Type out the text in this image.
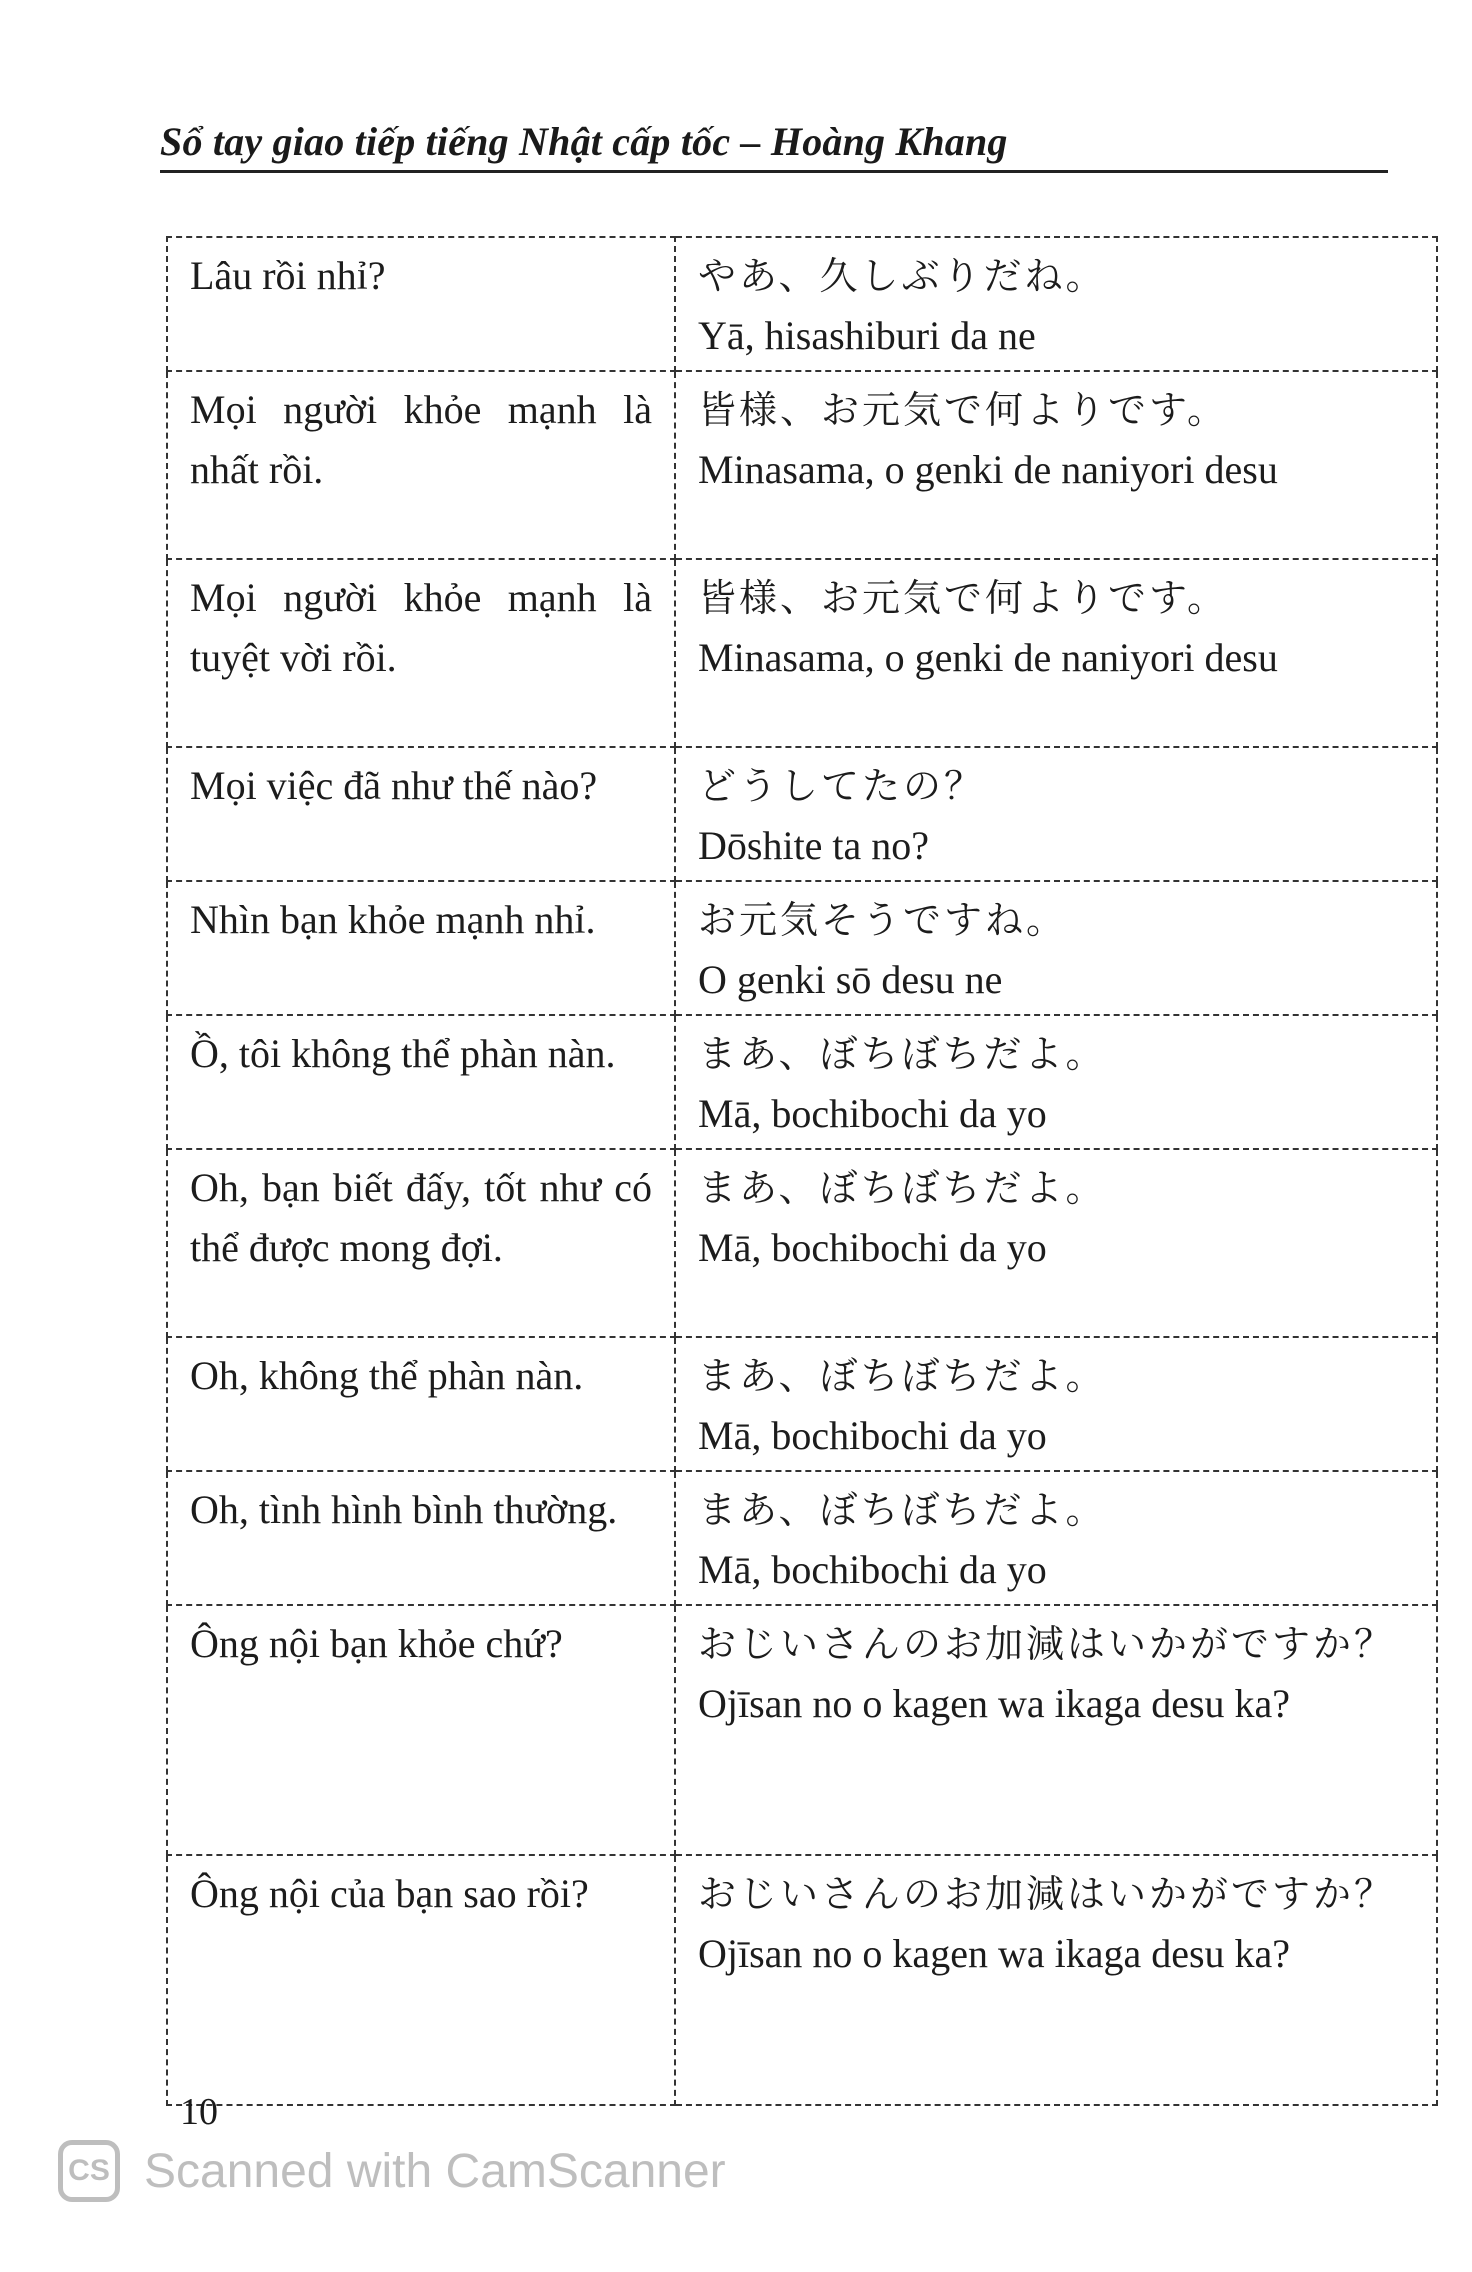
Sổ tay giao tiếp tiếng Nhật cấp tốc – Hoàng Khang
Lâu rồi nhỉ?	やあ、久しぶりだね。
Yā, hisashiburi da ne

Mọi người khỏe mạnh là nhất rồi.	皆様、お元気で何よりです。
Minasama, o genki de naniyori desu

Mọi người khỏe mạnh là tuyệt vời rồi.	皆様、お元気で何よりです。
Minasama, o genki de naniyori desu

Mọi việc đã như thế nào?	どうしてたの？
Dōshite ta no?

Nhìn bạn khỏe mạnh nhỉ.	お元気そうですね。
O genki sō desu ne

Ồ, tôi không thể phàn nàn.	まあ、ぼちぼちだよ。
Mā, bochibochi da yo

Oh, bạn biết đấy, tốt như có thể được mong đợi.	まあ、ぼちぼちだよ。
Mā, bochibochi da yo

Oh, không thể phàn nàn.	まあ、ぼちぼちだよ。
Mā, bochibochi da yo

Oh, tình hình bình thường.	まあ、ぼちぼちだよ。
Mā, bochibochi da yo

Ông nội bạn khỏe chứ?	おじいさんのお加減はいかがですか？
Ojīsan no o kagen wa ikaga desu ka?

Ông nội của bạn sao rồi?	おじいさんのお加減はいかがですか？
Ojīsan no o kagen wa ikaga desu ka?
10
CS Scanned with CamScanner
